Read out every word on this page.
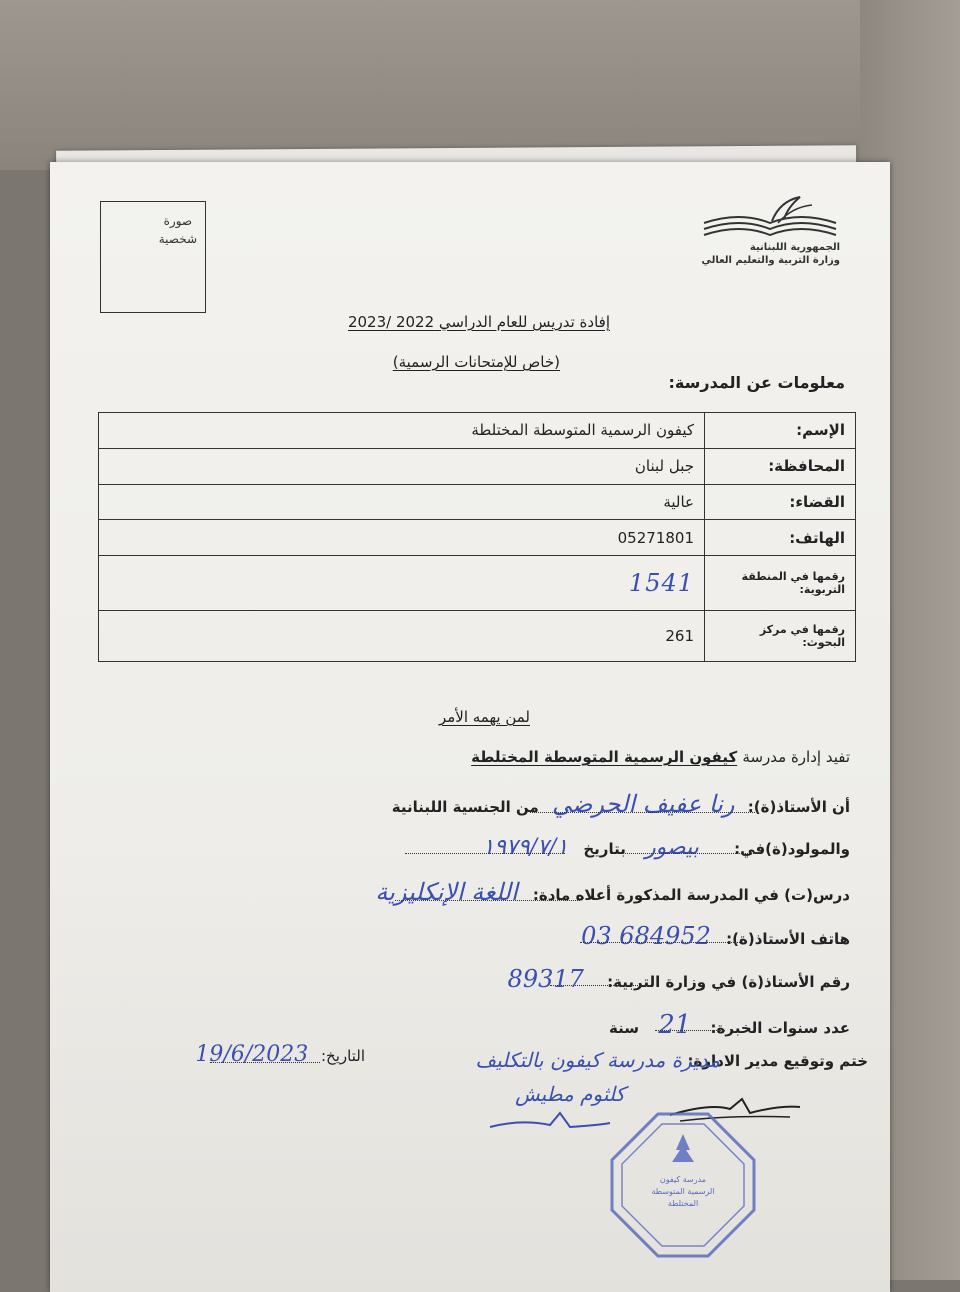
صورة
شخصية
الجمهورية اللبنانية
وزارة التربية والتعليم العالي
إفادة تدريس للعام الدراسي 2022 /2023
(خاص للإمتحانات الرسمية)
معلومات عن المدرسة:
الإسم:	كيفون الرسمية المتوسطة المختلطة
المحافظة:	جبل لبنان
القضاء:	عالية
الهاتف:	05271801
رقمها في المنطقة التربوية:	1541
رقمها في مركز البحوث:	261
لمن يهمه الأمر
تفيد إدارة مدرسة كيفون الرسمية المتوسطة المختلطة
أن الأستاذ(ة): رنا عفيف الحرضي من الجنسية اللبنانية
والمولود(ة)في: بيصور بتاريخ ١٩٧٩/٧/١
درس(ت) في المدرسة المذكورة أعلاه مادة: اللغة الإنكليزية
هاتف الأستاذ(ة): 03 684952
رقم الأستاذ(ة) في وزارة التربية: 89317
عدد سنوات الخبرة: 21 سنة
التاريخ: 19/6/2023	ختم وتوقيع مدير الادارة:
مديرة مدرسة كيفون بالتكليف
كلثوم مطيش
مدرسة كيفون
الرسمية المتوسطة
المختلطة
